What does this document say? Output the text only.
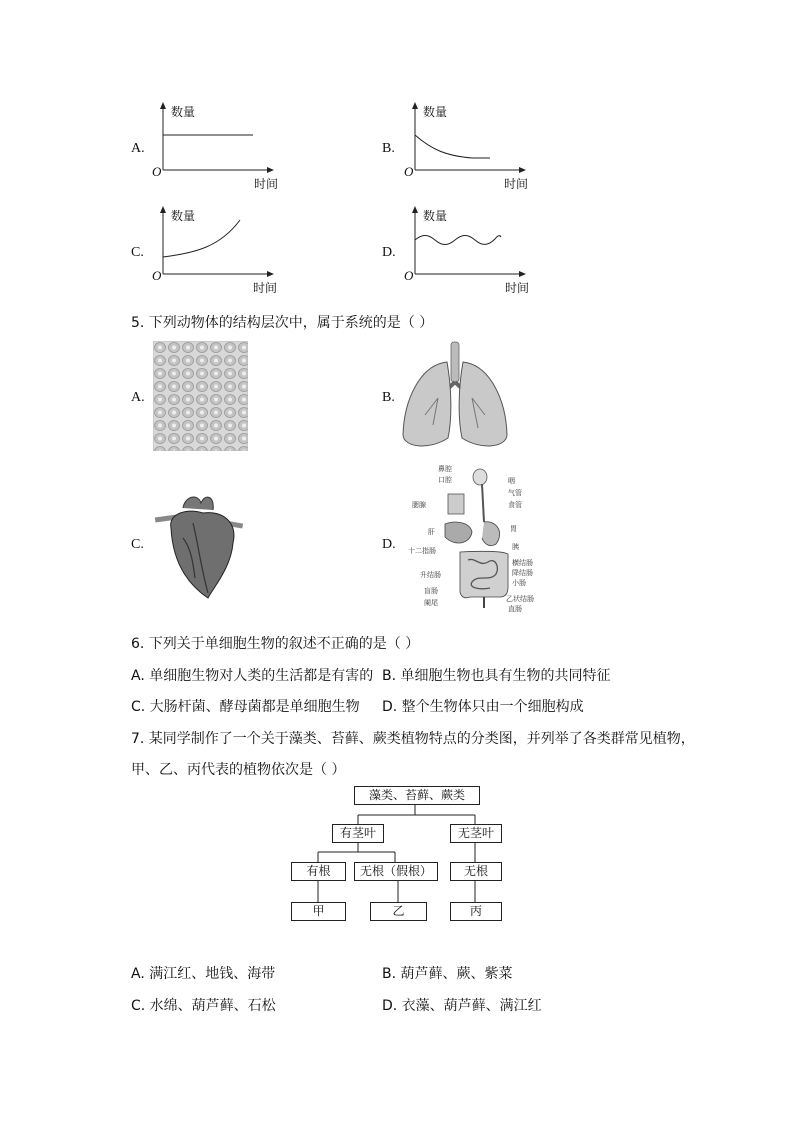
A.
数量
时间
O
B.
数量
时间
O
C.
数量
时间
O
D.
数量
时间
O
5. 下列动物体的结构层次中，属于系统的是（ ）
A.	B.
C.	D.
鼻腔
口腔	咽
气管
食管
肝	胃
十二指肠	胰
横结肠
降结肠
小肠
升结肠
盲肠
阑尾	乙状结肠
直肠
腮腺
6. 下列关于单细胞生物的叙述不正确的是（ ）
A. 单细胞生物对人类的生活都是有害的 B. 单细胞生物也具有生物的共同特征
C. 大肠杆菌、酵母菌都是单细胞生物 D. 整个生物体只由一个细胞构成
7. 某同学制作了一个关于藻类、苔藓、蕨类植物特点的分类图，并列举了各类群常见植物，
甲、乙、丙代表的植物依次是（ ）
藻类、苔藓、蕨类
有茎叶	无茎叶
有根	无根（假根）	无根
甲	乙	丙
A. 满江红、地钱、海带	B. 葫芦藓、蕨、紫菜
C. 水绵、葫芦藓、石松	D. 衣藻、葫芦藓、满江红
